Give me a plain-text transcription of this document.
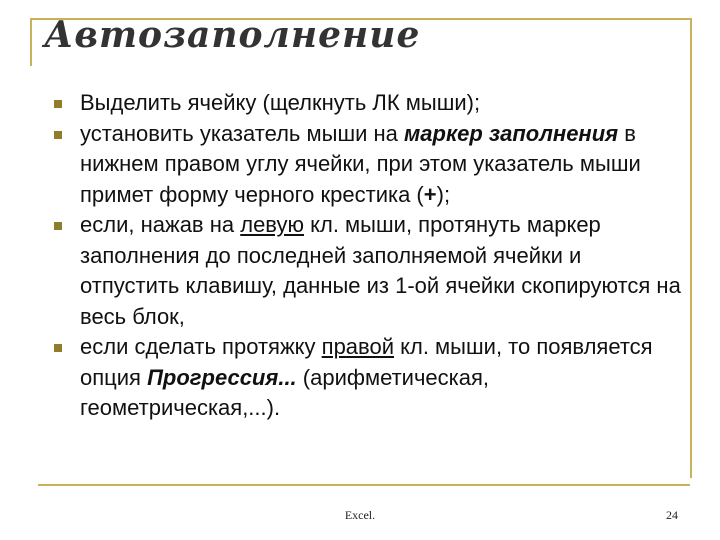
Автозаполнение
Выделить ячейку (щелкнуть ЛК мыши);
установить указатель мыши на маркер заполнения в нижнем правом углу ячейки, при этом указатель мыши примет форму черного крестика (+);
если, нажав на левую кл. мыши, протянуть маркер заполнения до последней заполняемой ячейки и отпустить клавишу, данные из 1-ой ячейки скопируются на весь блок,
если сделать протяжку правой кл. мыши, то появляется опция Прогрессия... (арифметическая, геометрическая,...).
Excel.	24
